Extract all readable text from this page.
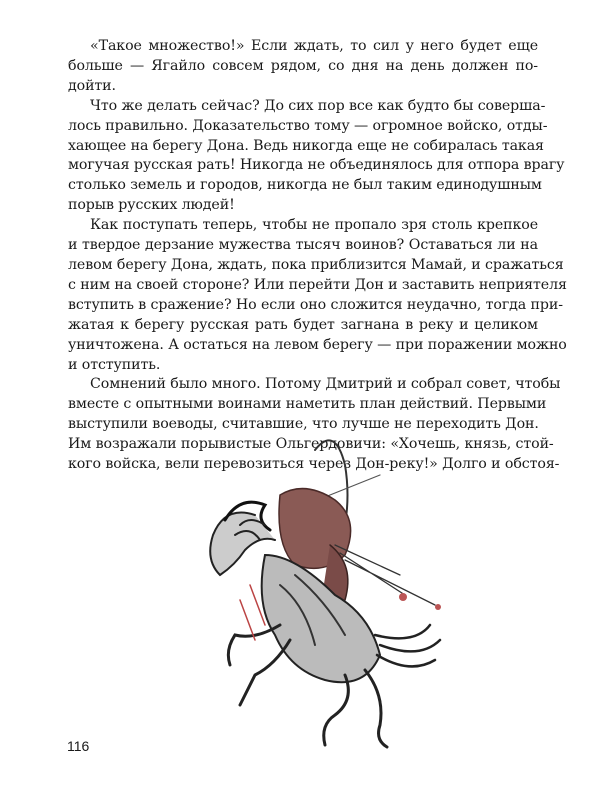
«Такое множество!» Если ждать, то сил у него будет еще
больше — Ягайло совсем рядом, со дня на день должен по-
дойти.
Что же делать сейчас? До сих пор все как будто бы совершa-
лось правильно. Доказательство тому — огромное войско, отды-
хающее на берегу Дона. Ведь никогда еще не собиралась такая
могучая русская рать! Никогда не объединялось для отпора врагу
столько земель и городов, никогда не был таким единодушным
порыв русских людей!
Как поступать теперь, чтобы не пропало зря столь крепкое
и твердое дерзание мужества тысяч воинов? Оставаться ли на
левом берегу Дона, ждать, пока приблизится Мамай, и сражаться
с ним на своей стороне? Или перейти Дон и заставить неприятеля
вступить в сражение? Но если оно сложится неудачно, тогда при-
жатая к берегу русская рать будет загнана в реку и целиком
уничтожена. А остаться на левом берегу — при поражении можно
и отступить.
Сомнений было много. Потому Дмитрий и собрал совет, чтобы
вместе с опытными воинами наметить план действий. Первыми
выступили воеводы, считавшие, что лучше не переходить Дон.
Им возражали порывистые Ольгердовичи: «Хочешь, князь, стой-
кого войска, вели перевозиться через Дон-реку!» Долго и обстоя-
116
